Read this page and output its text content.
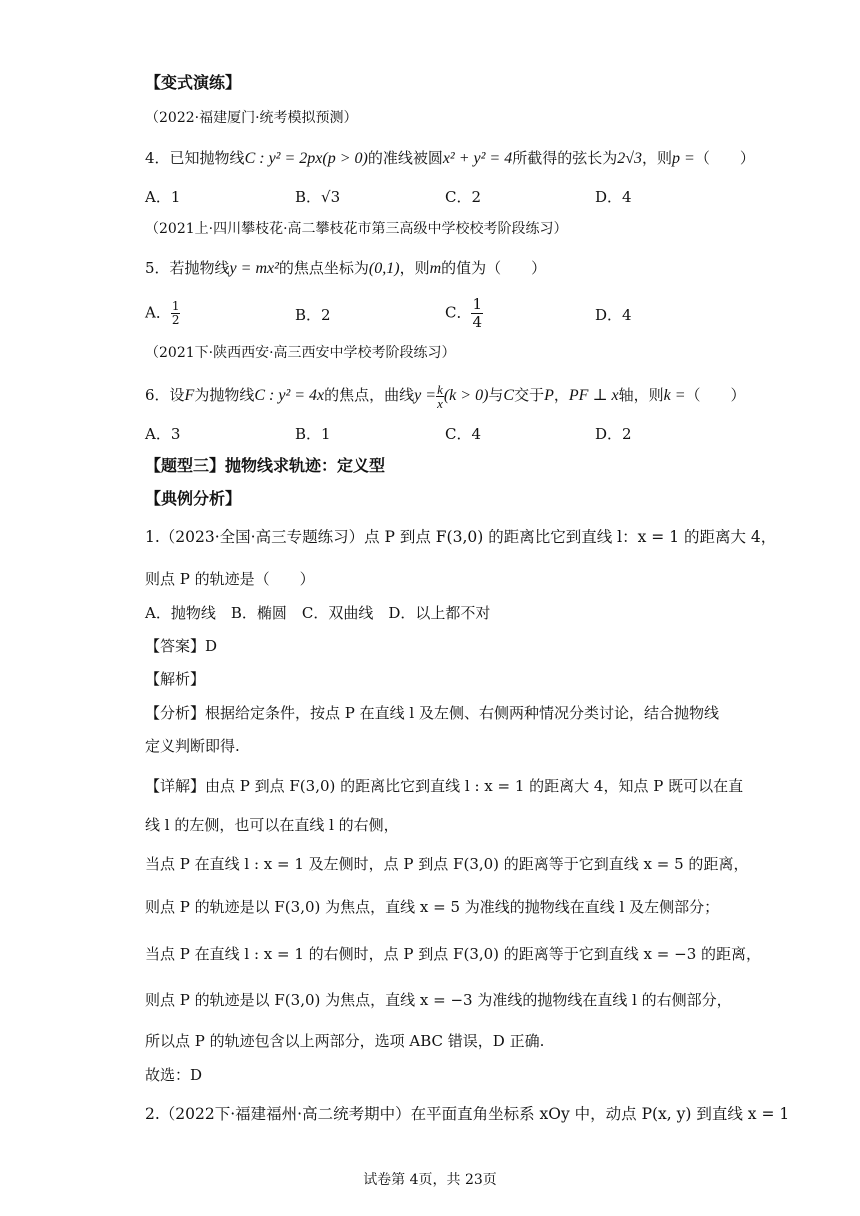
【变式演练】
（2022·福建厦门·统考模拟预测）
4．已知抛物线C : y² = 2px(p > 0)的准线被圆x² + y² = 4所截得的弦长为2√3，则p =（　　）
A．1	B．√3	C．2	D．4
（2021上·四川攀枝花·高二攀枝花市第三高级中学校校考阶段练习）
5．若抛物线y = mx²的焦点坐标为(0,1)，则m的值为（　　）
A． $\frac{1}{2}$	B．2	C． $\frac{1}{4}$	D．4
（2021下·陕西西安·高三西安中学校考阶段练习）
6．设F为抛物线C : y² = 4x的焦点，曲线$y = \frac{k}{x} (k > 0)$与C交于P，PF ⊥ x轴，则k =（　　）
A．3	B．1	C．4	D．2
【题型三】抛物线求轨迹：定义型
【典例分析】
1.（2023·全国·高三专题练习）点 P 到点 F(3,0) 的距离比它到直线 l：x = 1 的距离大 4，
则点 P 的轨迹是（　　）
A．抛物线　B．椭圆　C．双曲线　D．以上都不对
【答案】D
【解析】
【分析】根据给定条件，按点 P 在直线 l 及左侧、右侧两种情况分类讨论，结合抛物线
定义判断即得.
【详解】由点 P 到点 F(3,0) 的距离比它到直线 l : x = 1 的距离大 4，知点 P 既可以在直
线 l 的左侧，也可以在直线 l 的右侧，
当点 P 在直线 l : x = 1 及左侧时，点 P 到点 F(3,0) 的距离等于它到直线 x = 5 的距离，
则点 P 的轨迹是以 F(3,0) 为焦点，直线 x = 5 为准线的抛物线在直线 l 及左侧部分；
当点 P 在直线 l : x = 1 的右侧时，点 P 到点 F(3,0) 的距离等于它到直线 x = −3 的距离，
则点 P 的轨迹是以 F(3,0) 为焦点，直线 x = −3 为准线的抛物线在直线 l 的右侧部分，
所以点 P 的轨迹包含以上两部分，选项 ABC 错误，D 正确.
故选：D
2.（2022下·福建福州·高二统考期中）在平面直角坐标系 xOy 中，动点 P(x, y) 到直线 x = 1
试卷第 4页，共 23页
